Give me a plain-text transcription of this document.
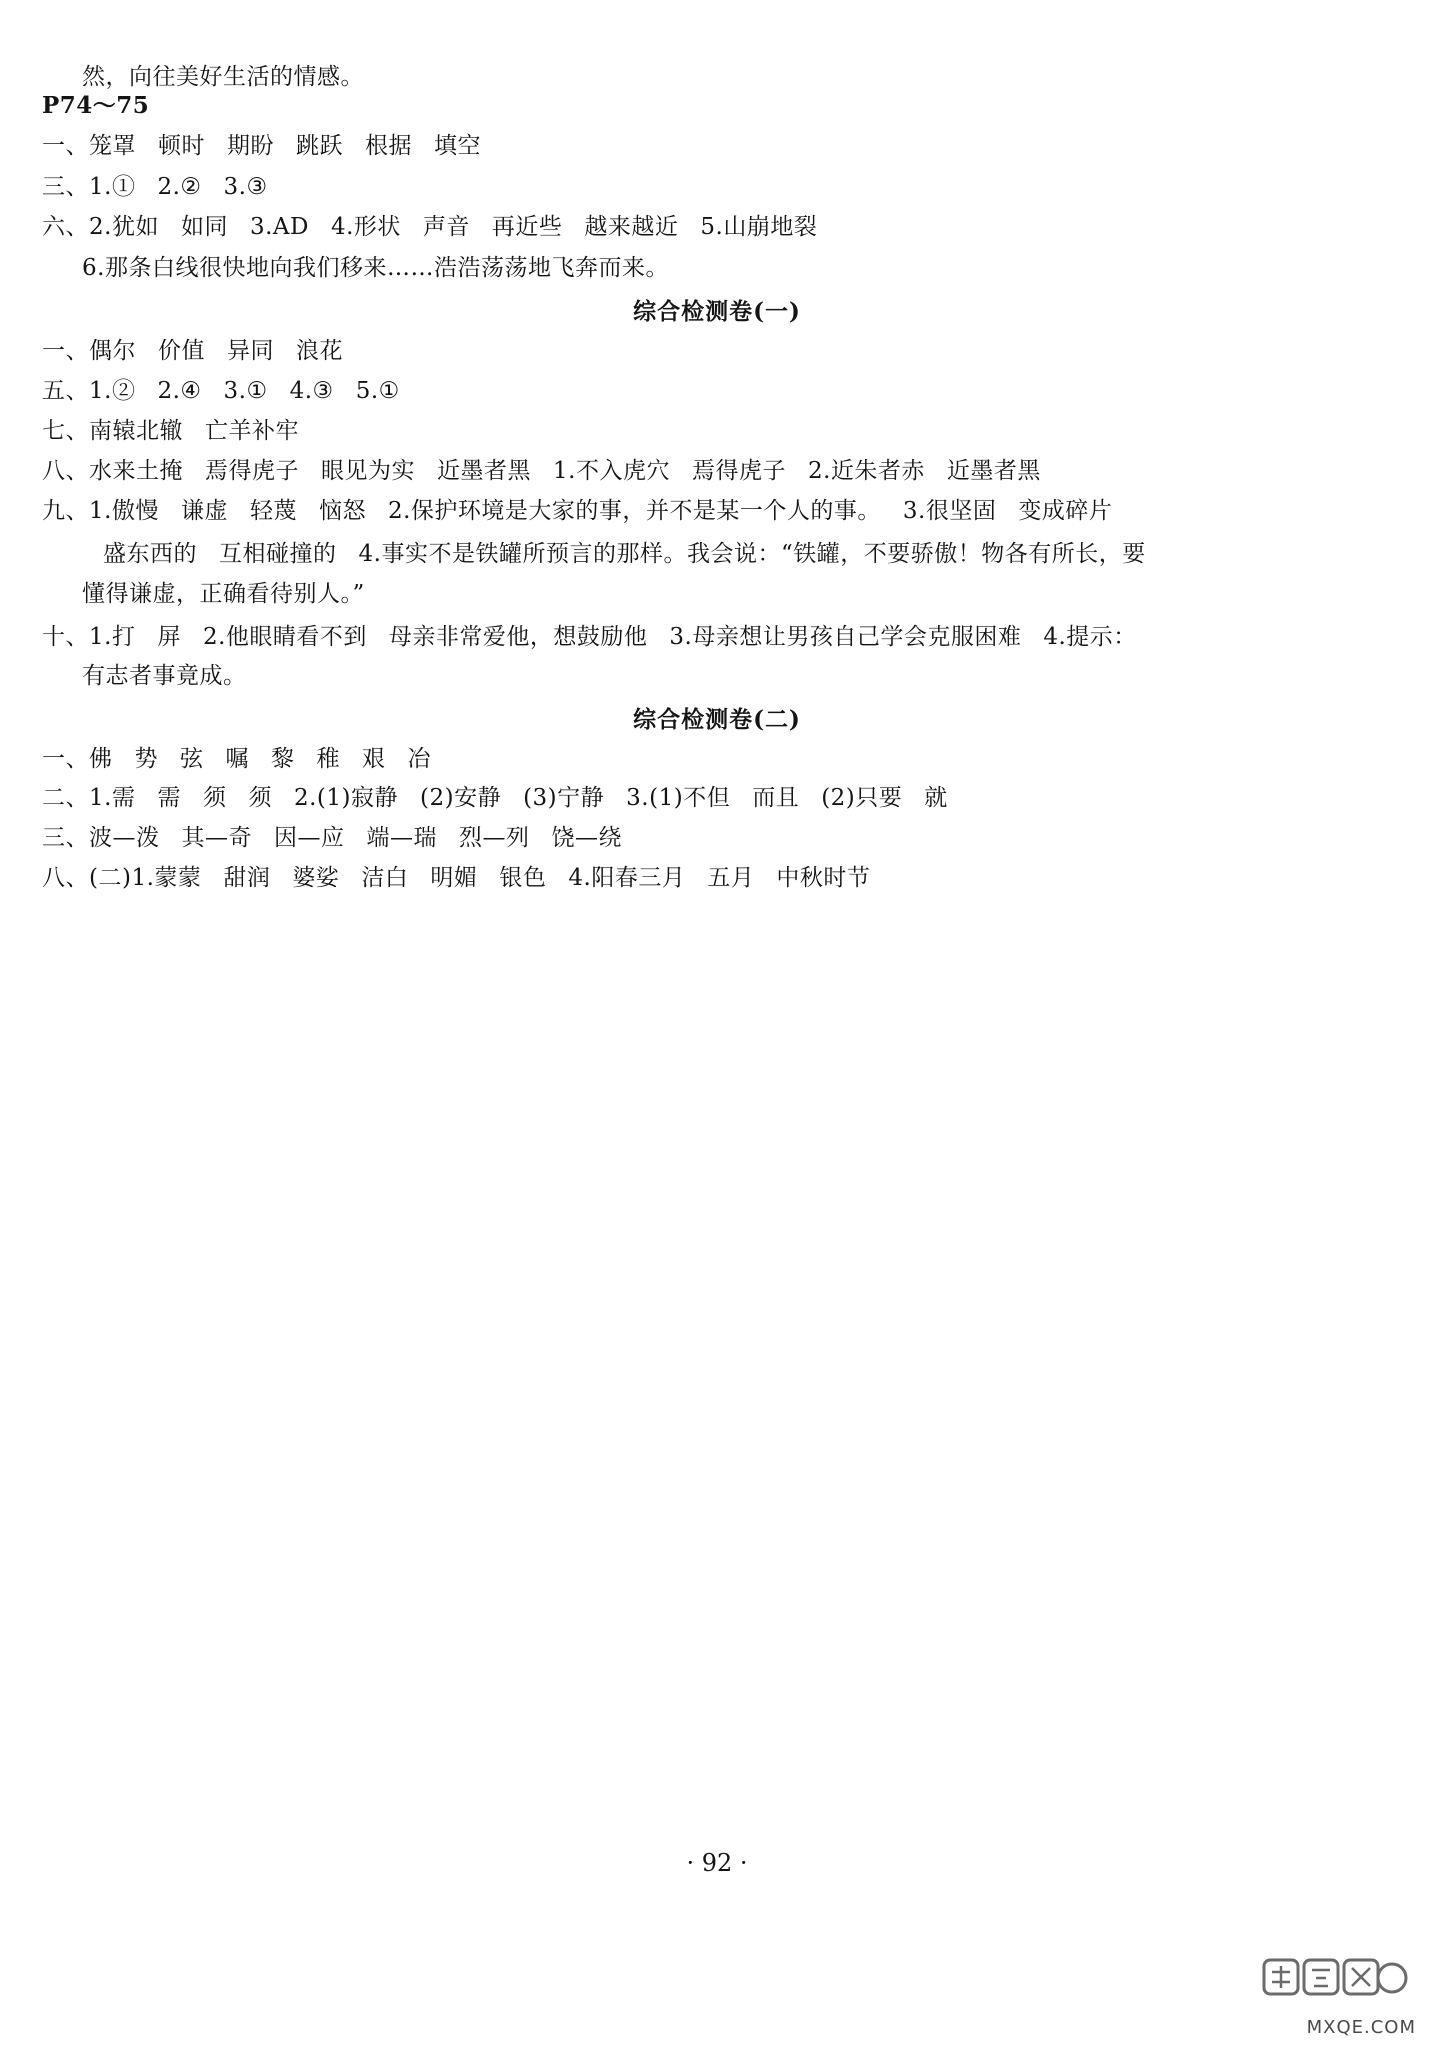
然，向往美好生活的情感。
P74～75
一、笼罩 顿时 期盼 跳跃 根据 填空
三、1.① 2.② 3.③
六、2.犹如 如同 3.AD 4.形状 声音 再近些 越来越近 5.山崩地裂
6.那条白线很快地向我们移来……浩浩荡荡地飞奔而来。
综合检测卷(一)
一、偶尔 价值 异同 浪花
五、1.② 2.④ 3.① 4.③ 5.①
七、南辕北辙 亡羊补牢
八、水来土掩 焉得虎子 眼见为实 近墨者黑 1.不入虎穴 焉得虎子 2.近朱者赤 近墨者黑
九、1.傲慢 谦虚 轻蔑 恼怒 2.保护环境是大家的事，并不是某一个人的事。 3.很坚固 变成碎片
盛东西的 互相碰撞的 4.事实不是铁罐所预言的那样。我会说：“铁罐，不要骄傲！物各有所长，要
懂得谦虚，正确看待别人。”
十、1.打 屏 2.他眼睛看不到 母亲非常爱他，想鼓励他 3.母亲想让男孩自己学会克服困难 4.提示：
有志者事竟成。
综合检测卷(二)
一、佛 势 弦 嘱 黎 稚 艰 冶
二、1.需 需 须 须 2.(1)寂静 (2)安静 (3)宁静 3.(1)不但 而且 (2)只要 就
三、波—泼 其—奇 因—应 端—瑞 烈—列 饶—绕
八、(二)1.蒙蒙 甜润 婆娑 洁白 明媚 银色 4.阳春三月 五月 中秋时节
· 92 ·
MXQE.COM
